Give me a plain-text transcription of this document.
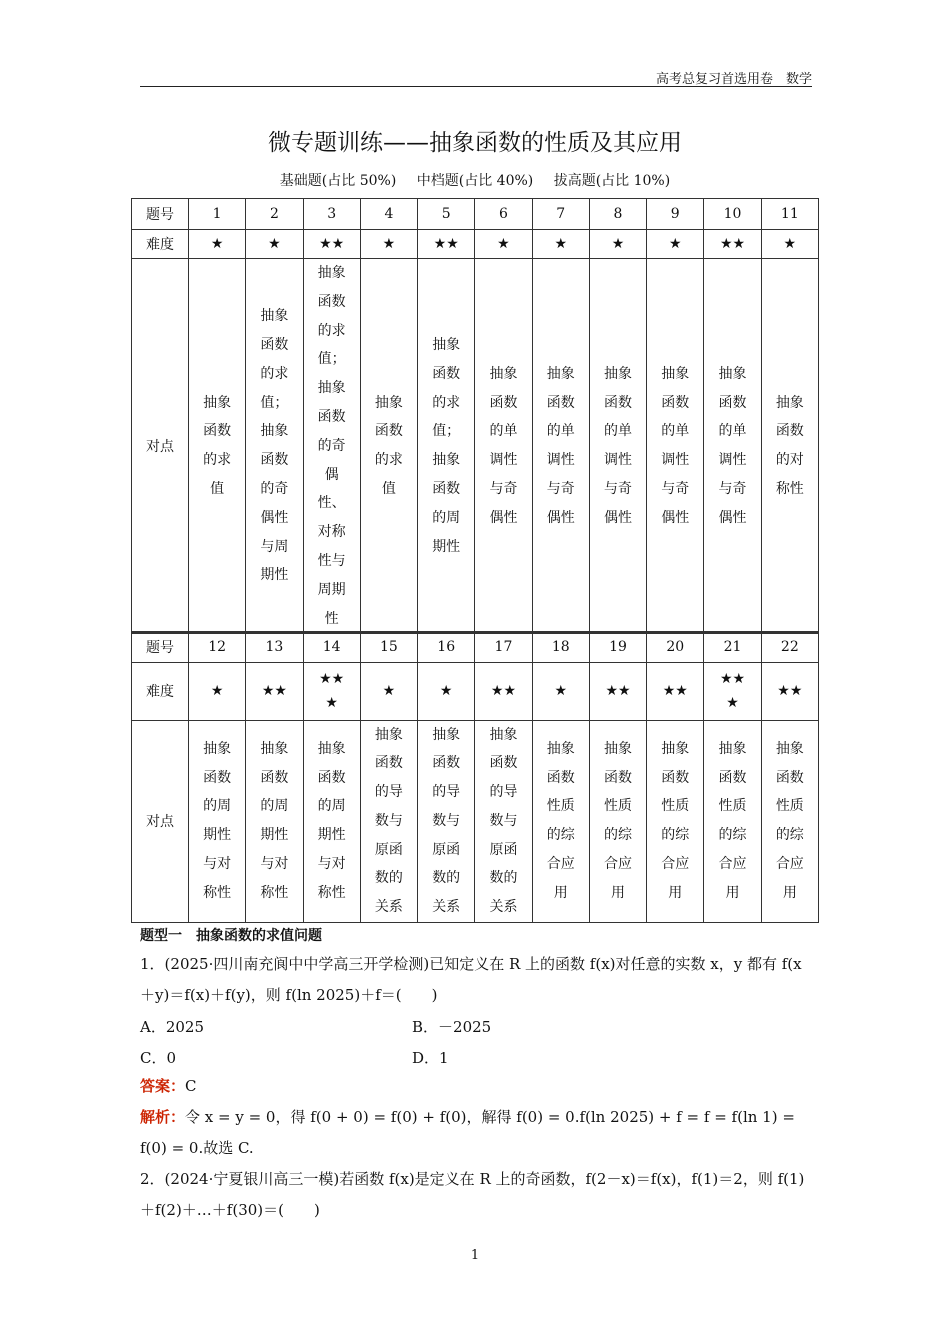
高考总复习首选用卷　数学
微专题训练——抽象函数的性质及其应用
基础题(占比 50%) 中档题(占比 40%) 拔高题(占比 10%)
题号	1	2	3	4	5	6	7	8	9	10	11
难度	★	★	★★	★	★★	★	★	★	★	★★	★
对点	抽象函数的求值	抽象函数的求值；抽象函数的奇偶性与周期性	抽象函数的求值；抽象函数的奇偶性、对称性与周期性	抽象函数的求值	抽象函数的求值；抽象函数的周期性	抽象函数的单调性与奇偶性	抽象函数的单调性与奇偶性	抽象函数的单调性与奇偶性	抽象函数的单调性与奇偶性	抽象函数的单调性与奇偶性	抽象函数的对称性
题号	12	13	14	15	16	17	18	19	20	21	22
难度	★	★★	★★★	★	★	★★	★	★★	★★	★★★	★★

对点	抽象函数的周期性与对称性	抽象函数的周期性与对称性	抽象函数的周期性与对称性	抽象函数的导数与原函数的关系	抽象函数的导数与原函数的关系	抽象函数的导数与原函数的关系	抽象函数性质的综合应用	抽象函数性质的综合应用	抽象函数性质的综合应用	抽象函数性质的综合应用	抽象函数性质的综合应用
题型一　抽象函数的求值问题
1．(2025·四川南充阆中中学高三开学检测)已知定义在 R 上的函数 f(x)对任意的实数 x，y 都有 f(x＋y)＝f(x)＋f(y)，则 f(ln 2025)＋f＝(　　)
A．2025	B．－2025
C．0	D．1
答案：C
解析：令 x = y = 0，得 f(0 + 0) = f(0) + f(0)，解得 f(0) = 0.f(ln 2025) + f = f = f(ln 1) = f(0) = 0.故选 C.
2．(2024·宁夏银川高三一模)若函数 f(x)是定义在 R 上的奇函数，f(2－x)＝f(x)，f(1)＝2，则 f(1)＋f(2)＋…＋f(30)＝(　　)
1
